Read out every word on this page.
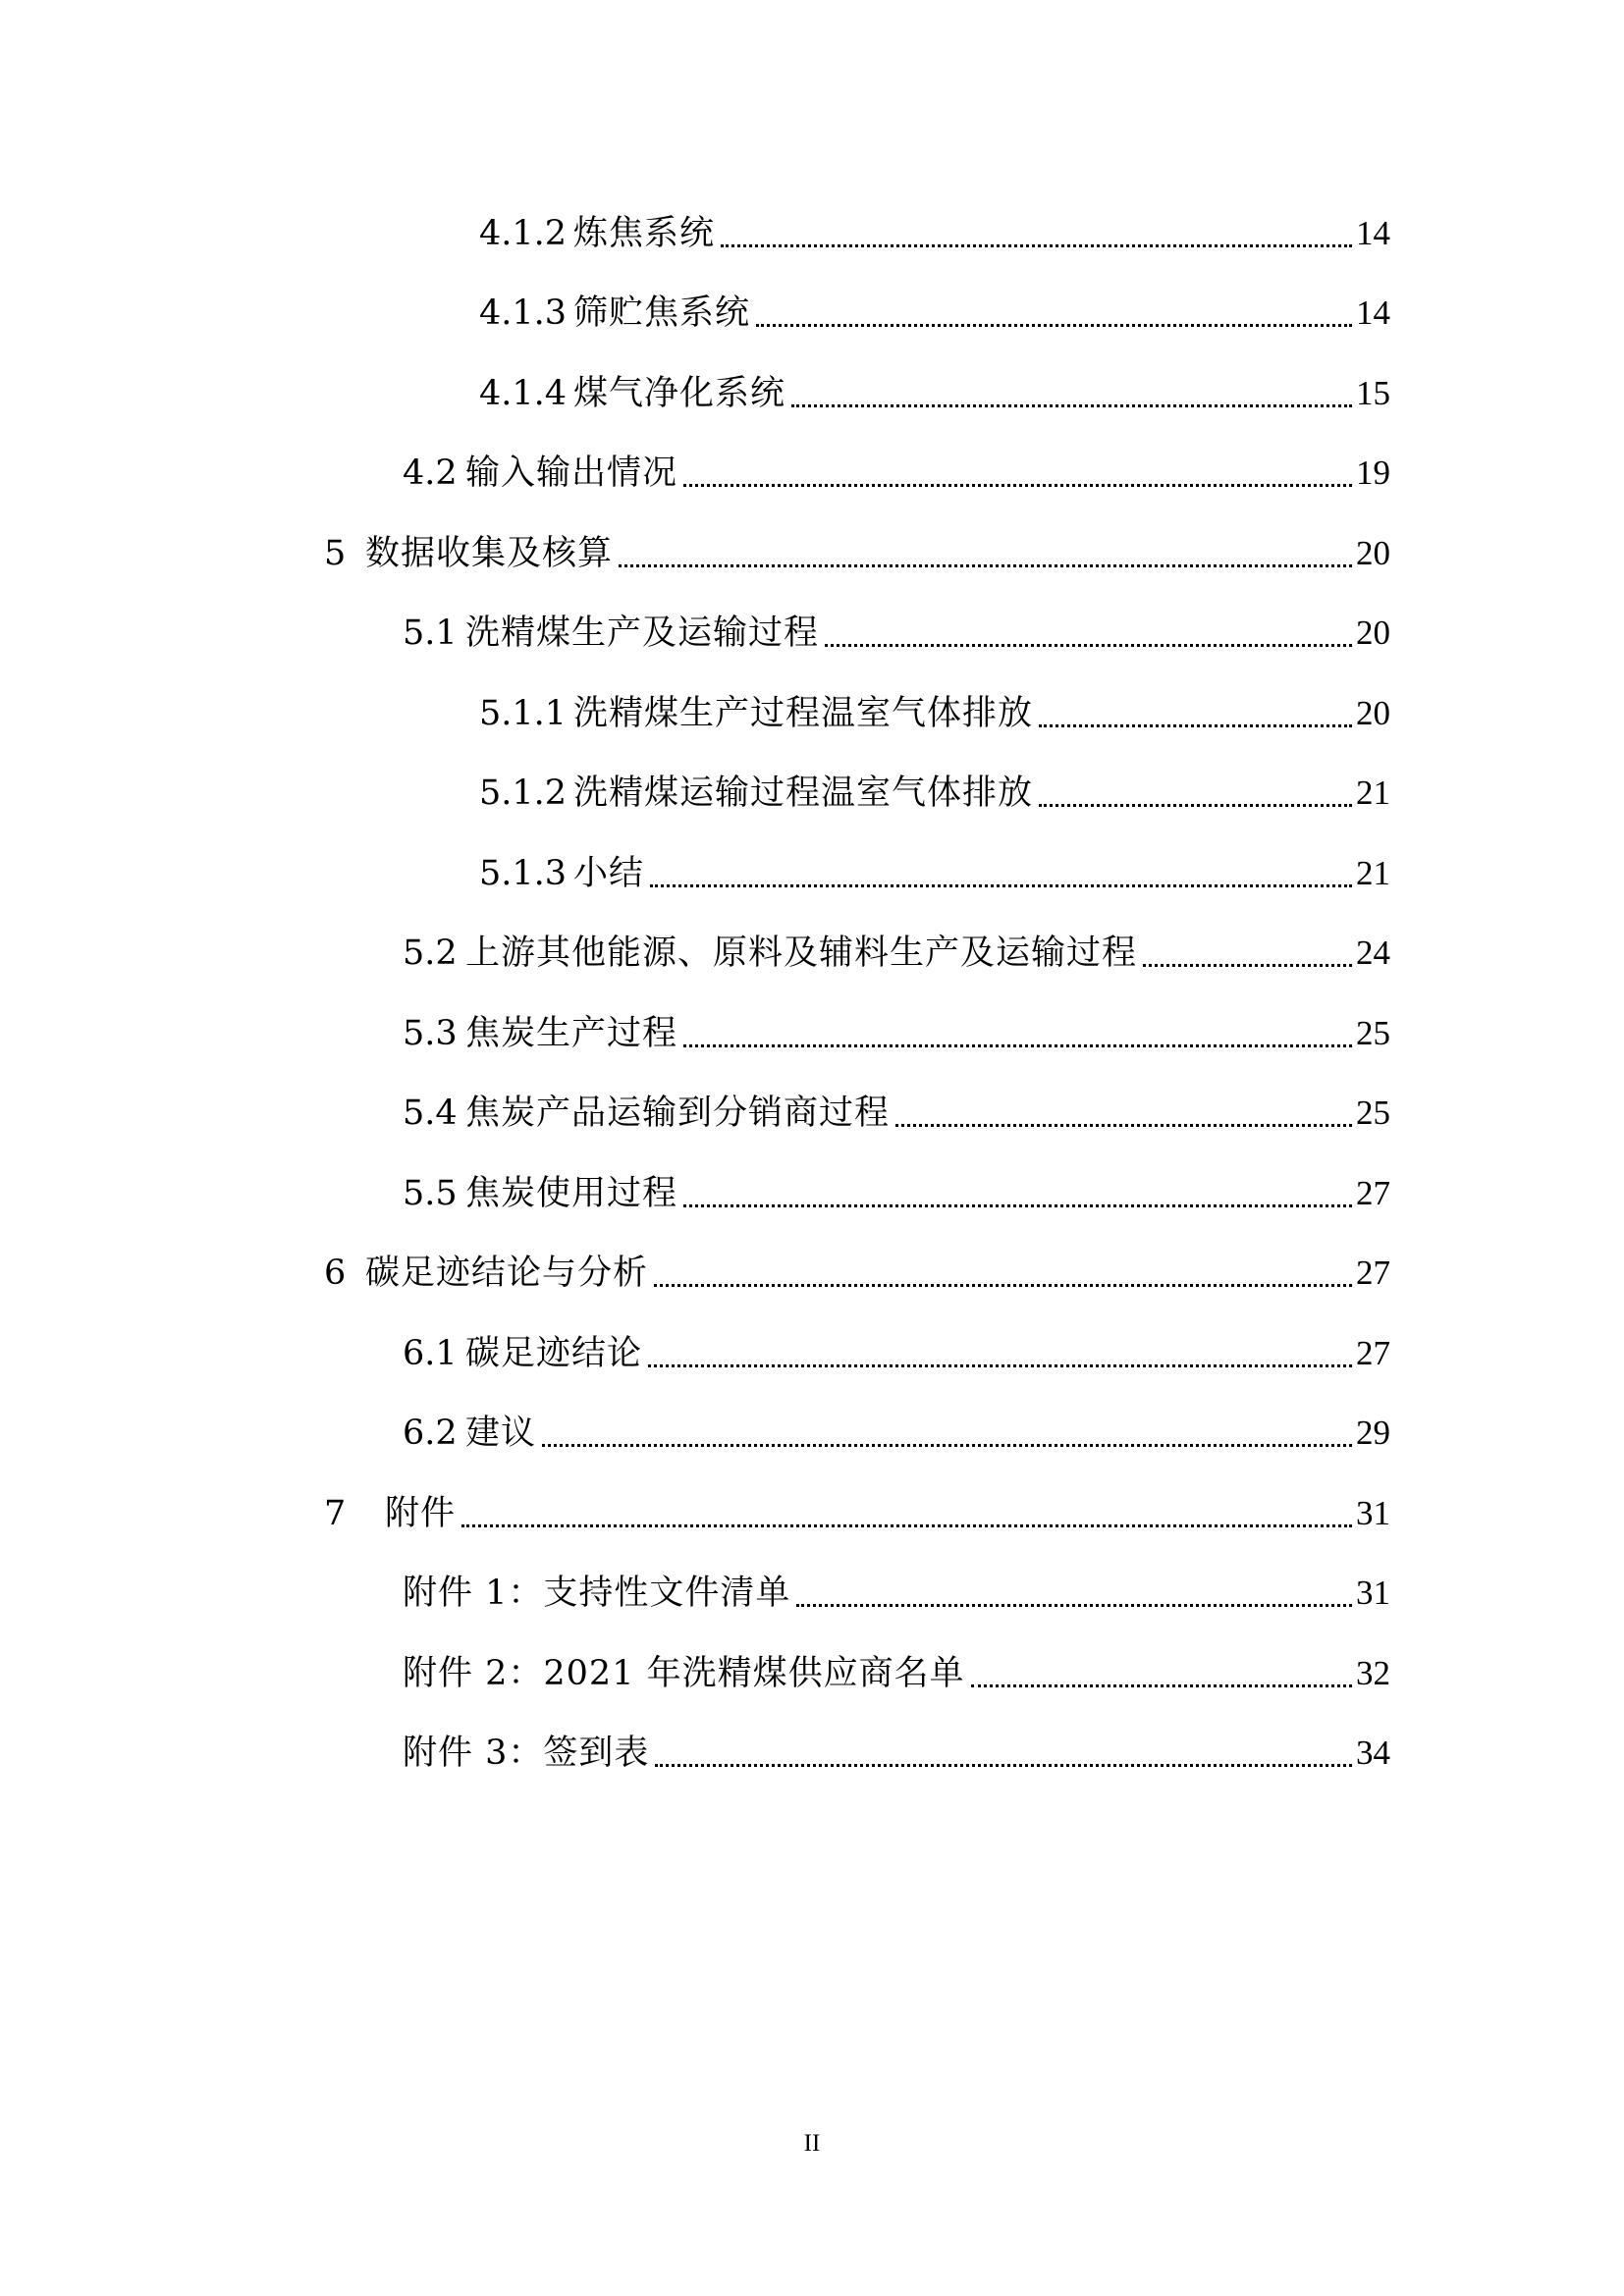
4.1.2 炼焦系统	14
4.1.3 筛贮焦系统	14
4.1.4 煤气净化系统	15
4.2 输入输出情况	19
5 数据收集及核算	20
5.1 洗精煤生产及运输过程	20
5.1.1 洗精煤生产过程温室气体排放	20
5.1.2 洗精煤运输过程温室气体排放	21
5.1.3 小结	21
5.2 上游其他能源、原料及辅料生产及运输过程	24
5.3 焦炭生产过程	25
5.4 焦炭产品运输到分销商过程	25
5.5 焦炭使用过程	27
6 碳足迹结论与分析	27
6.1 碳足迹结论	27
6.2 建议	29
7	附件	31
附件 1：支持性文件清单	31
附件 2：2021 年洗精煤供应商名单	32
附件 3：签到表	34
II
